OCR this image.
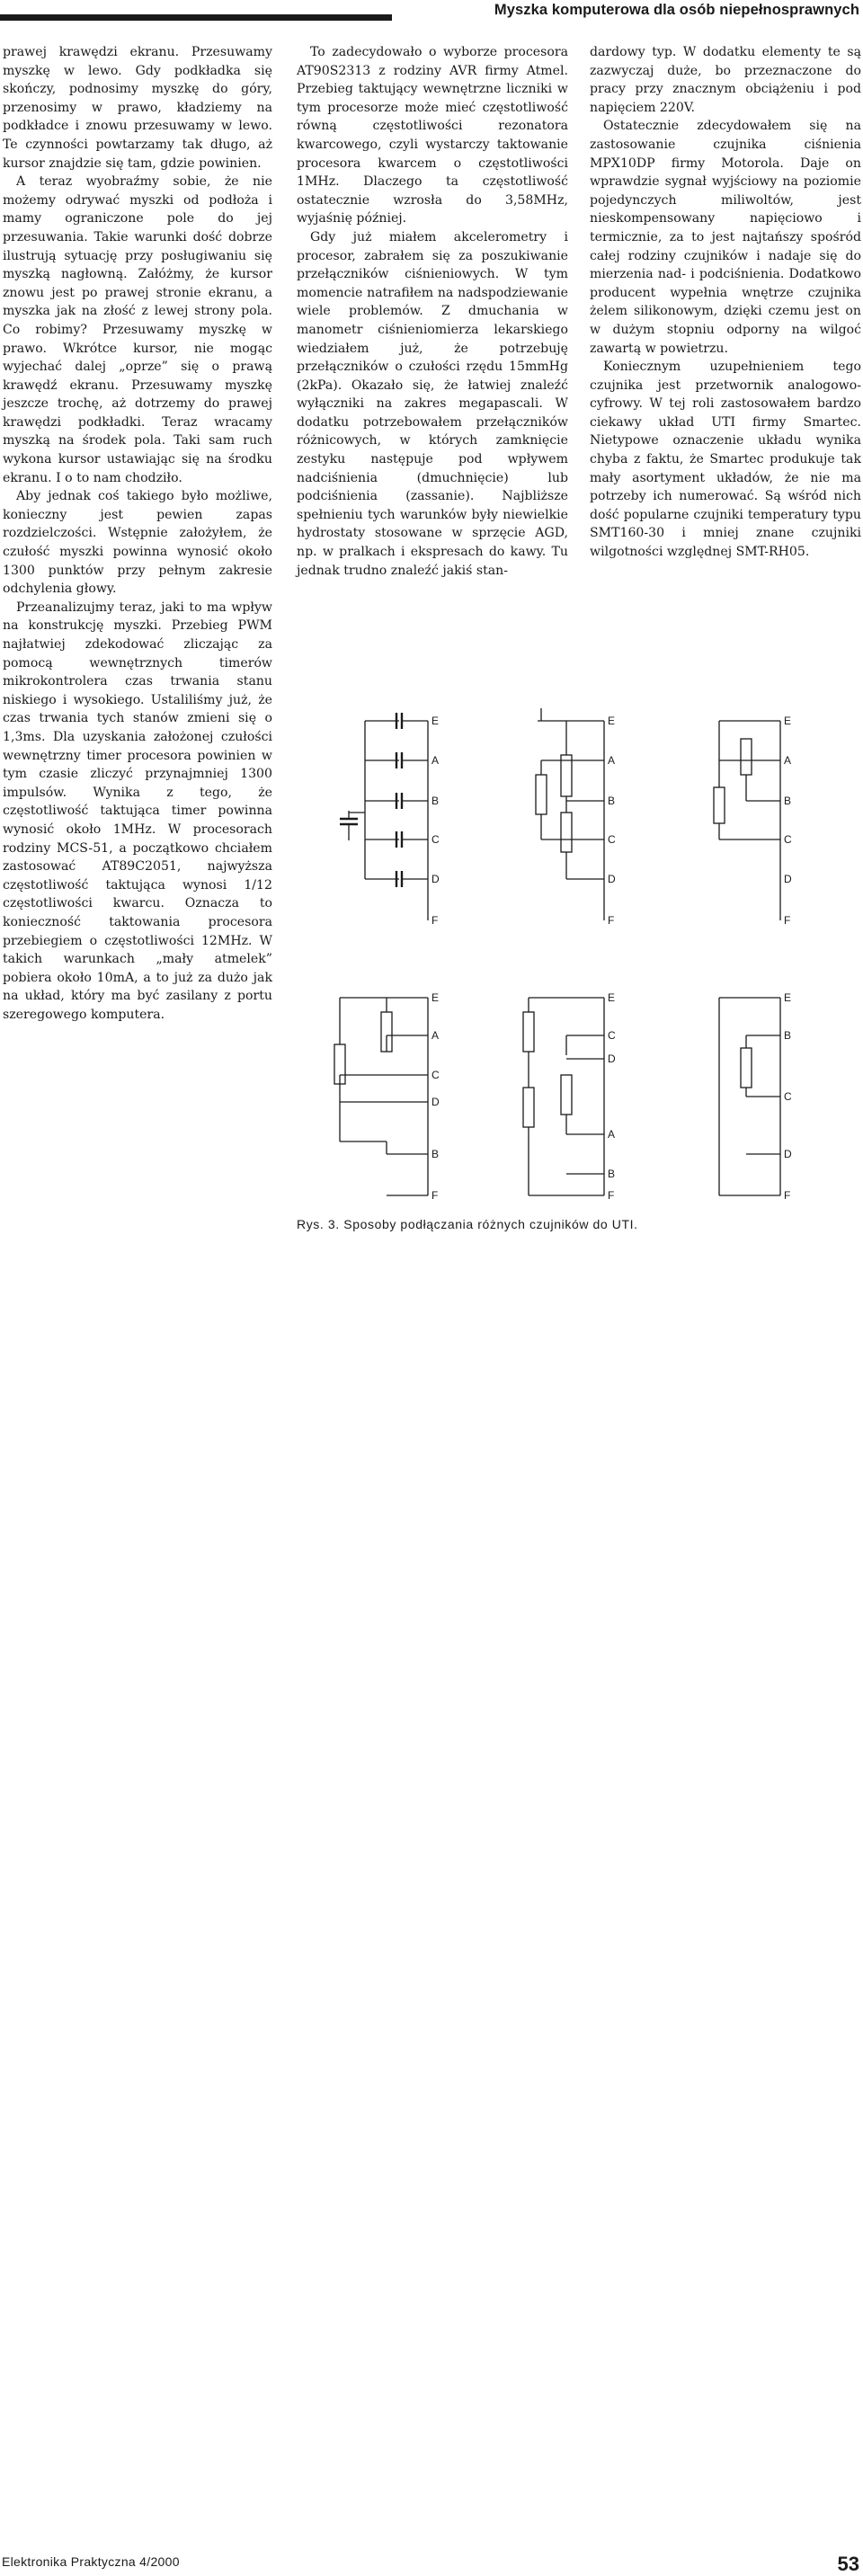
Myszka komputerowa dla osób niepełnosprawnych

prawej krawędzi ekranu. Przesuwamy myszkę w lewo. Gdy podkładka się skończy, podnosimy myszkę do góry, przenosimy w prawo, kładziemy na podkładce i znowu przesuwamy w lewo. Te czynności powtarzamy tak długo, aż kursor znajdzie się tam, gdzie powinien.

A teraz wyobraźmy sobie, że nie możemy odrywać myszki od podłoża i mamy ograniczone pole do jej przesuwania. Takie warunki dość dobrze ilustrują sytuację przy posługiwaniu się myszką nagłowną. Załóżmy, że kursor znowu jest po prawej stronie ekranu, a myszka jak na złość z lewej strony pola. Co robimy? Przesuwamy myszkę w prawo. Wkrótce kursor, nie mogąc wyjechać dalej „oprze” się o prawą krawędź ekranu. Przesuwamy myszkę jeszcze trochę, aż dotrzemy do prawej krawędzi podkładki. Teraz wracamy myszką na środek pola. Taki sam ruch wykona kursor ustawiając się na środku ekranu. I o to nam chodziło.

Aby jednak coś takiego było możliwe, konieczny jest pewien zapas rozdzielczości. Wstępnie założyłem, że czułość myszki powinna wynosić około 1300 punktów przy pełnym zakresie odchylenia głowy.

Przeanalizujmy teraz, jaki to ma wpływ na konstrukcję myszki. Przebieg PWM najłatwiej zdekodować zliczając za pomocą wewnętrznych timerów mikrokontrolera czas trwania stanu niskiego i wysokiego. Ustaliliśmy już, że czas trwania tych stanów zmieni się o 1,3ms. Dla uzyskania założonej czułości wewnętrzny timer procesora powinien w tym czasie zliczyć przynajmniej 1300 impulsów. Wynika z tego, że częstotliwość taktująca timer powinna wynosić około 1MHz. W procesorach rodziny MCS-51, a początkowo chciałem zastosować AT89C2051, najwyższa częstotliwość taktująca wynosi 1/12 częstotliwości kwarcu. Oznacza to konieczność taktowania procesora przebiegiem o częstotliwości 12MHz. W takich warunkach „mały atmelek” pobiera około 10mA, a to już za dużo jak na układ, który ma być zasilany z portu szeregowego komputera.

To zadecydowało o wyborze procesora AT90S2313 z rodziny AVR firmy Atmel. Przebieg taktujący wewnętrzne liczniki w tym procesorze może mieć częstotliwość równą częstotliwości rezonatora kwarcowego, czyli wystarczy taktowanie procesora kwarcem o częstotliwości 1MHz. Dlaczego ta częstotliwość ostatecznie wzrosła do 3,58MHz, wyjaśnię później.

Gdy już miałem akcelerometry i procesor, zabrałem się za poszukiwanie przełączników ciśnieniowych. W tym momencie natrafiłem na nadspodziewanie wiele problemów. Z dmuchania w manometr ciśnieniomierza lekarskiego wiedziałem już, że potrzebuję przełączników o czułości rzędu 15mmHg (2kPa). Okazało się, że łatwiej znaleźć wyłączniki na zakres megapascali. W dodatku potrzebowałem przełączników różnicowych, w których zamknięcie zestyku następuje pod wpływem nadciśnienia (dmuchnięcie) lub podciśnienia (zassanie). Najbliższe spełnieniu tych warunków były niewielkie hydrostaty stosowane w sprzęcie AGD, np. w pralkach i ekspresach do kawy. Tu jednak trudno znaleźć jakiś stan-

dardowy typ. W dodatku elementy te są zazwyczaj duże, bo przeznaczone do pracy przy znacznym obciążeniu i pod napięciem 220V.

Ostatecznie zdecydowałem się na zastosowanie czujnika ciśnienia MPX10DP firmy Motorola. Daje on wprawdzie sygnał wyjściowy na poziomie pojedynczych miliwoltów, jest nieskompensowany napięciowo i termicznie, za to jest najtańszy spośród całej rodziny czujników i nadaje się do mierzenia nad- i podciśnienia. Dodatkowo producent wypełnia wnętrze czujnika żelem silikonowym, dzięki czemu jest on w dużym stopniu odporny na wilgoć zawartą w powietrzu.

Koniecznym uzupełnieniem tego czujnika jest przetwornik analogowo-cyfrowy. W tej roli zastosowałem bardzo ciekawy układ UTI firmy Smartec. Nietypowe oznaczenie układu wynika chyba z faktu, że Smartec produkuje tak mały asortyment układów, że nie ma potrzeby ich numerować. Są wśród nich dość popularne czujniki temperatury typu SMT160-30 i mniej znane czujniki wilgotności względnej SMT-RH05.

E
A
B
C
D
F
E
A
B
C
D
F
E
A
B
C
D
F
E
A
C
D
B
F
E
C
D
A
B
F
E
B
C
D
F
Rys. 3. Sposoby podłączania różnych czujników do UTI.
Elektronika Praktyczna 4/2000	53
